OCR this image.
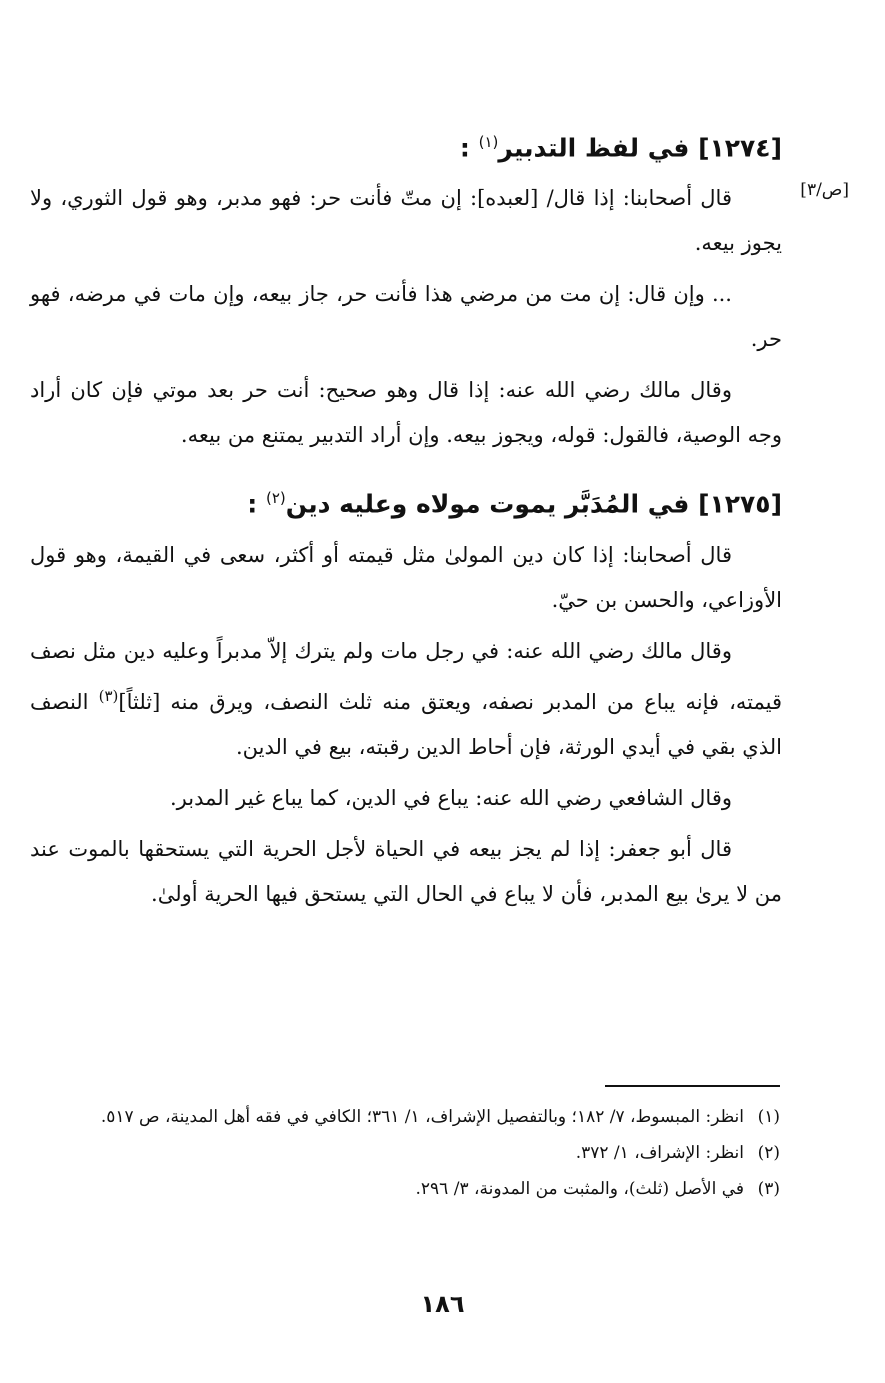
[ص/٣]
[١٢٧٤] في لفظ التدبير$^{(١)}$ :

قال أصحابنا: إذا قال/ [لعبده]: إن متّ فأنت حر: فهو مدبر، وهو قول الثوري، ولا يجوز بيعه.

... وإن قال: إن مت من مرضي هذا فأنت حر، جاز بيعه، وإن مات في مرضه، فهو حر.

وقال مالك رضي الله عنه: إذا قال وهو صحيح: أنت حر بعد موتي فإن كان أراد وجه الوصية، فالقول: قوله، ويجوز بيعه. وإن أراد التدبير يمتنع من بيعه.

[١٢٧٥] في المُدَبَّر يموت مولاه وعليه دين$^{(٢)}$ :

قال أصحابنا: إذا كان دين المولىٰ مثل قيمته أو أكثر، سعى في القيمة، وهو قول الأوزاعي، والحسن بن حيّ.

وقال مالك رضي الله عنه: في رجل مات ولم يترك إلاّ مدبراً وعليه دين مثل نصف قيمته، فإنه يباع من المدبر نصفه، ويعتق منه ثلث النصف، ويرق منه [ثلثاً]$^{(٣)}$ النصف الذي بقي في أيدي الورثة، فإن أحاط الدين رقبته، بيع في الدين.

وقال الشافعي رضي الله عنه: يباع في الدين، كما يباع غير المدبر.

قال أبو جعفر: إذا لم يجز بيعه في الحياة لأجل الحرية التي يستحقها بالموت عند من لا يرىٰ بيع المدبر، فأن لا يباع في الحال التي يستحق فيها الحرية أولىٰ.

(١)انظر: المبسوط، ٧/ ١٨٢؛ وبالتفصيل الإشراف، ١/ ٣٦١؛ الكافي في فقه أهل المدينة، ص ٥١٧.
(٢)انظر: الإشراف، ١/ ٣٧٢.
(٣)في الأصل (ثلث)، والمثبت من المدونة، ٣/ ٢٩٦.
١٨٦
